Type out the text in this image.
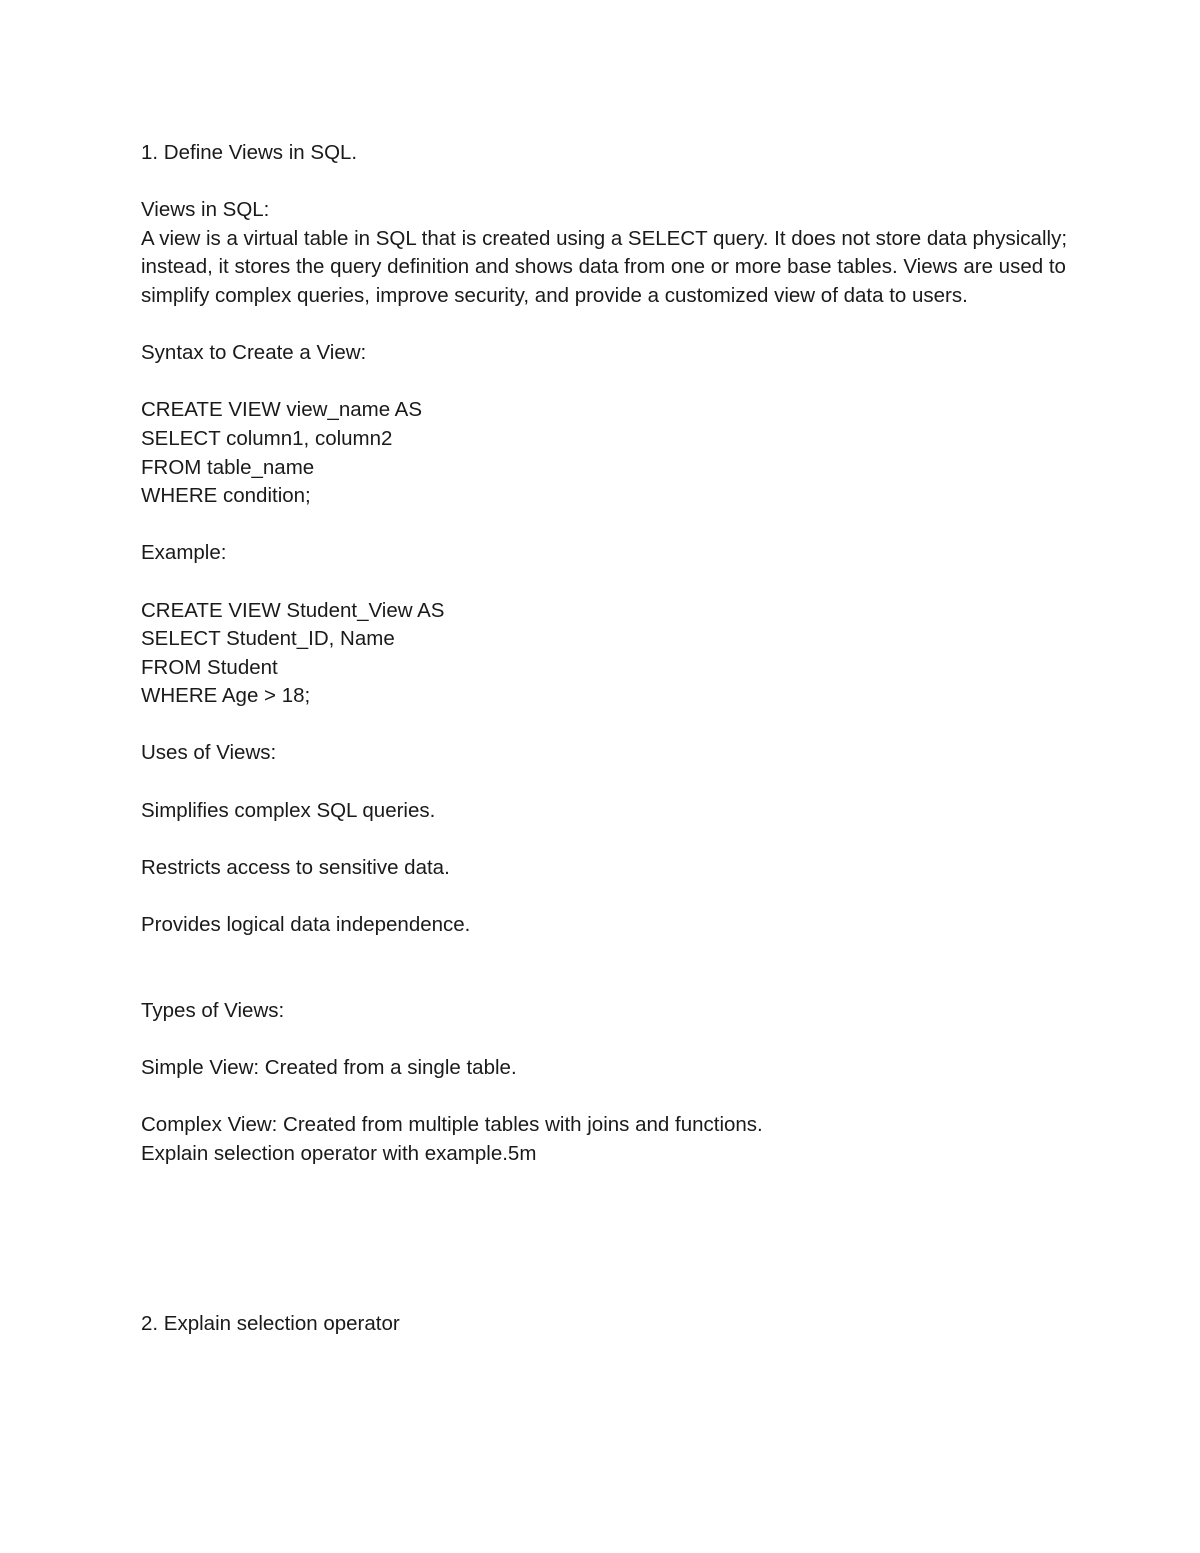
1. Define Views in SQL.
Views in SQL:
A view is a virtual table in SQL that is created using a SELECT query. It does not store data physically; instead, it stores the query definition and shows data from one or more base tables. Views are used to simplify complex queries, improve security, and provide a customized view of data to users.
Syntax to Create a View:
CREATE VIEW view_name AS
SELECT column1, column2
FROM table_name
WHERE condition;
Example:
CREATE VIEW Student_View AS
SELECT Student_ID, Name
FROM Student
WHERE Age > 18;
Uses of Views:
Simplifies complex SQL queries.
Restricts access to sensitive data.
Provides logical data independence.
Types of Views:
Simple View: Created from a single table.
Complex View: Created from multiple tables with joins and functions.
Explain selection operator with example.5m
2. Explain selection operator
